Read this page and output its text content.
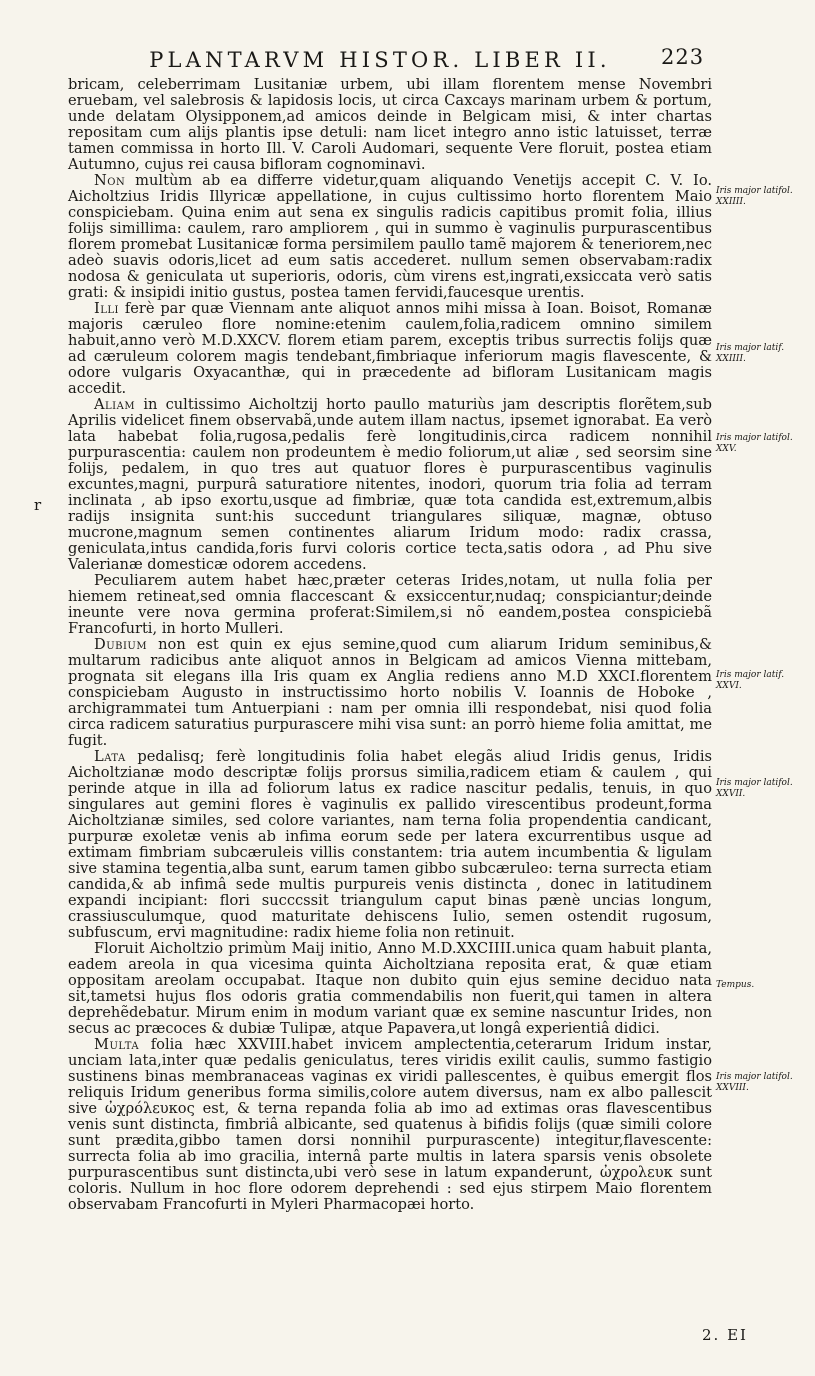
PLANTARVM HISTOR. LIBER II. 223
r

bricam, celeberrimam Lusitaniæ urbem, ubi illam florentem mense Novembri eruebam, vel salebrosis & lapidosis locis, ut circa Caxcays marinam urbem & portum, unde delatam Olysipponem,ad amicos deinde in Belgicam misi, & inter chartas repositam cum alijs plantis ipse detuli: nam licet integro anno istic latuisset, terræ tamen commissa in horto Ill. V. Caroli Audomari, sequente Vere floruit, postea etiam Autumno, cujus rei causa bifloram cognominavi.

Non multùm ab ea differre videtur,quam aliquando Venetijs accepit C. V. Io. Aicholtzius Iridis Illyricæ appellatione, in cujus cultissimo horto florentem Maio conspiciebam. Quina enim aut sena ex singulis radicis capitibus promit folia, illius folijs simillima: caulem, raro ampliorem , qui in summo è vaginulis purpurascentibus florem promebat Lusitanicæ forma persimilem paullo tamẽ majorem & teneriorem,nec adeò suavis odoris,licet ad eum satis accederet. nullum semen observabam:radix nodosa & geniculata ut superioris, odoris, cùm virens est,ingrati,exsiccata verò satis grati: & insipidi initio gustus, postea tamen fervidi,faucesque urentis.

Illi ferè par quæ Viennam ante aliquot annos mihi missa à Ioan. Boisot, Romanæ majoris cæruleo flore nomine:etenim caulem,folia,radicem omnino similem habuit,anno verò M.D.XXCV. florem etiam parem, exceptis tribus surrectis folijs quæ ad cæruleum colorem magis tendebant,fimbriaque inferiorum magis flavescente, & odore vulgaris Oxyacanthæ, qui in præcedente ad bifloram Lusitanicam magis accedit.

Aliam in cultissimo Aicholtzij horto paullo maturiùs jam descriptis florẽtem,sub Aprilis videlicet finem observabã,unde autem illam nactus, ipsemet ignorabat. Ea verò lata habebat folia,rugosa,pedalis ferè longitudinis,circa radicem nonnihil purpurascentia: caulem non prodeuntem è medio foliorum,ut aliæ , sed seorsim sine folijs, pedalem, in quo tres aut quatuor flores è purpurascentibus vaginulis excuntes,magni, purpurâ saturatiore nitentes, inodori, quorum tria folia ad terram inclinata , ab ipso exortu,usque ad fimbriæ, quæ tota candida est,extremum,albis radijs insignita sunt:his succedunt triangulares siliquæ, magnæ, obtuso mucrone,magnum semen continentes aliarum Iridum modo: radix crassa, geniculata,intus candida,foris furvi coloris cortice tecta,satis odora , ad Phu sive Valerianæ domesticæ odorem accedens.

Peculiarem autem habet hæc,præter ceteras Irides,notam, ut nulla folia per hiemem retineat,sed omnia flaccescant & exsiccentur,nudaq; conspiciantur;deinde ineunte vere nova germina proferat:Similem,si nõ eandem,postea conspiciebã Francofurti, in horto Mulleri.

Dubium non est quin ex ejus semine,quod cum aliarum Iridum seminibus,& multarum radicibus ante aliquot annos in Belgicam ad amicos Vienna mittebam, prognata sit elegans illa Iris quam ex Anglia rediens anno M.D XXCI.florentem conspiciebam Augusto in instructissimo horto nobilis V. Ioannis de Hoboke , archigrammatei tum Antuerpiani : nam per omnia illi respondebat, nisi quod folia circa radicem saturatius purpurascere mihi visa sunt: an porrò hieme folia amittat, me fugit.

Lata pedalisq; ferè longitudinis folia habet elegãs aliud Iridis genus, Iridis Aicholtzianæ modo descriptæ folijs prorsus similia,radicem etiam & caulem , qui perinde atque in illa ad foliorum latus ex radice nascitur pedalis, tenuis, in quo singulares aut gemini flores è vaginulis ex pallido virescentibus prodeunt,forma Aicholtzianæ similes, sed colore variantes, nam terna folia propendentia candicant, purpuræ exoletæ venis ab infima eorum sede per latera excurrentibus usque ad extimam fimbriam subcæruleis villis constantem: tria autem incumbentia & ligulam sive stamina tegentia,alba sunt, earum tamen gibbo subcæruleo: terna surrecta etiam candida,& ab infimâ sede multis purpureis venis distincta , donec in latitudinem expandi incipiant: flori succcssit triangulum caput binas pænè uncias longum, crassiusculumque, quod maturitate dehiscens Iulio, semen ostendit rugosum, subfuscum, ervi magnitudine: radix hieme folia non retinuit.

Floruit Aicholtzio primùm Maij initio, Anno M.D.XXCIIII.unica quam habuit planta, eadem areola in qua vicesima quinta Aicholtziana reposita erat, & quæ etiam oppositam areolam occupabat. Itaque non dubito quin ejus semine deciduo nata sit,tametsi hujus flos odoris gratia commendabilis non fuerit,qui tamen in altera deprehẽdebatur. Mirum enim in modum variant quæ ex semine nascuntur Irides, non secus ac præcoces & dubiæ Tulipæ, atque Papavera,ut longâ experientiâ didici.

Multa folia hæc XXVIII.habet invicem amplectentia,ceterarum Iridum instar, unciam lata,inter quæ pedalis geniculatus, teres viridis exilit caulis, summo fastigio sustinens binas membranaceas vaginas ex viridi pallescentes, è quibus emergit flos reliquis Iridum generibus forma similis,colore autem diversus, nam ex albo pallescit sive ὠχρόλευκος est, & terna repanda folia ab imo ad extimas oras flavescentibus venis sunt distincta, fimbriâ albicante, sed quatenus à bifidis folijs (quæ simili colore sunt prædita,gibbo tamen dorsi nonnihil purpurascente) integitur,flavescente: surrecta folia ab imo gracilia, internâ parte multis in latera sparsis venis obsolete purpurascentibus sunt distincta,ubi verò sese in latum expanderunt, ὠχρολευκ sunt coloris. Nullum in hoc flore odorem deprehendi : sed ejus stirpem Maio florentem observabam Francofurti in Myleri Pharmacopæi horto.

Iris major latifol. XXIIII.
Iris major latif. XXIIII.
Iris major latifol. XXV.
Iris major latif. XXVI.
Iris major latifol. XXVII.
Tempus.
Iris major latifol. XXVIII.
2. EI
